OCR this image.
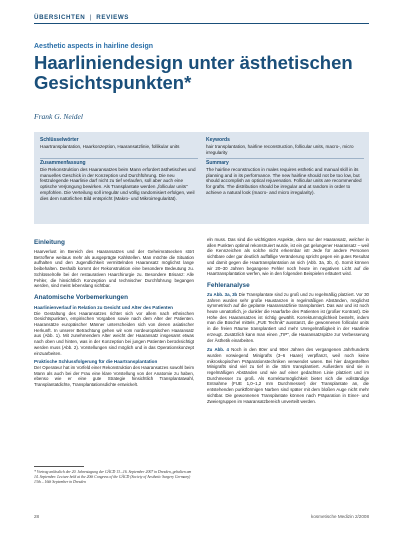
ÜBERSICHTEN | REVIEWS
Aesthetic aspects in hairline design
Haarliniendesign unter ästhetischen Gesichtspunkten*
Frank G. Neidel
Schlüsselwörter
Haartransplantation, Haarkonzeption, Haaransatzlinie, follikular units
Keywords
hair transplantation, hairline reconstruction, follicular units, macro-, micro irregularity
Zusammenfassung
Die Rekonstruktion des Haaransatzes beim Mann erfordert ästhetisches und manuelles Geschick in der Konzeption und Durchführung. Die neu festzulegende Haarlinie darf nicht zu tief verlaufen, soll aber auch eine optische Verjüngung bewirken. Als Transplantate werden „follicular units" empfohlen. Die Verteilung soll irregulär und völlig randomisiert erfolgen, weil dies dem natürlichen Bild entspricht (Makro- und Mikroirregularität).
Summary
The hairline reconstruction in males requires esthetic and manual skill in its planning and in its performance. The new hairline should not be too low, but should accomplish an optical rejuvenation. Follicular units are recommended for grafts. The distribution should be irregular and at random in order to achieve a natural look (macro- and micro irregularity).
Einleitung

Haarverlust im Bereich des Haaransatzes und der Geheimratsecken stört Betroffene weitaus mehr als ausgeprägte Kahlstellen. Man möchte die Situation aufhalten und den Jugendlichkeit vermittelnden Haaransatz möglichst lange beibehalten. Deshalb kommt der Rekonstruktion eine besondere Bedeutung zu. Schlüsselrolle bei der restaurativen Haarchirurgie zu. Besondere Brisanz: Alle Fehler, die hinsichtlich Konzeption und technischer Durchführung begangen werden, sind meist lebenslang sichtbar.

Anatomische Vorbemerkungen
Haarlinienverlauf in Relation zu Gesicht und Alter des Patienten

Die Gestaltung des Haaransatzes richtet sich vor allem nach ethnischen Gesichtspunkten, empirischen Vorgaben sowie nach dem Alter der Patienten. Haaransätze europäischer Männer unterscheiden sich von denen asiatischer Herkunft. In unserer Betrachtung gehen wir vom nordeuropäischen Haaransatz aus (Abb. 1). Mit zunehmendem Alter weicht der Haaransatz insgesamt etwas nach oben und hinten, was in der Konzeption bei jungen Patienten berücksichtigt werden muss (Abb. 2). Vorstellungen sind möglich und in das Operationskonzept einzuarbeiten.

Praktische Schlussfolgerung für die Haartransplantation

Der Operateur hat im Vorfeld einer Rekonstruktion des Haaransatzes sowohl beim Mann als auch bei der Frau eine klare Vorstellung von der Anatomie zu haben, ebenso wie er eine gute Strategie hinsichtlich Transplantatwahl, Transplantatdichte, Transplantationsdichte entwickelt.

eln muss. Das sind die wichtigsten Aspekte, denn nur der Haaransatz, welcher in allen Punkten optimal rekonstruiert wurde, ist ein gut gelungener Haaransatz – weil die Kennzeichen als solche nicht erkennbar ist! Jede für andere Personen sichtbare oder gar deutlich auffällige Veränderung spricht gegen ein gutes Resultat und damit gegen die Haartransplantation an sich (Abb. 3a, 3b, 4). Somit können wir 20–30 Jahren begangene Fehler noch heute im negativen Licht auf die Haartransplantation werfen, wie in den folgenden Beispielen erläutert wird.

Fehleranalyse

Zu Abb. 3a, 3b Die Transplantate sind zu groß und zu regelmäßig platziert. Vor 30 Jahren wurden sehr große Haustanzen in regelmäßigen Abständen, möglichst symmetrisch auf die geplante Haaransatzlinie transplantiert. Das war und ist noch heute unnatürlich, je dunkler die Haarfarbe des Patienten ist (großer Kontrast). Die Höhe des Haaransatzes ist richtig gewählt. Korrekturmöglichkeit besteht, indem man die Büschel mittels „FUE Technik" ausstanzt, die gewonnenen follicular units in die freien Räume transplantiert und mehr Unregelmäßigkeit in der Haarlinie erzeugt. Zusätzlich kann man einen „TIP", die Haaransatzspitze zur Verbesserung der Ästhetik einarbeiten.

Zu Abb. 4 Noch in den 80er und 90er Jahren des vergangenen Jahrhunderts wurden vorwiegend Minigrafts (3–6 Haare) verpflanzt, weil noch keine mikroskopischen Präparationstechniken verwendet waren. Bei hier dargestellten Minigrafts sind viel zu tief in die Stirn transplantiert. Außerdem sind sie in regelmäßigen Abständen und wie auf einer gedachten Linie platziert und im Durchmesser zu groß. Als Korrekturmöglichkeit bietet sich die vollständige Entnahme (FUE 1,0–1,2 mm Durchmesser) der Transplantate an, die entstehenden punktförmigen Narben sind später mit dem bloßen Auge nicht mehr sichtbar. Die gewonnenen Transplantate können nach Präparation in Einer- und Zweiergruppen im Haaransatzbereich unverteilt werden.

* Vortrag anlässlich der 20. Jahrestagung der GÄCD 13.–16. September 2007 in Dresden, gehalten am 14. September. Lecture held at the 20th Congress of the GÄCD (Society of Aesthetic Surgery Germany) 13th – 16th September in Dresden
28	kosmetische Medizin 2/2008
